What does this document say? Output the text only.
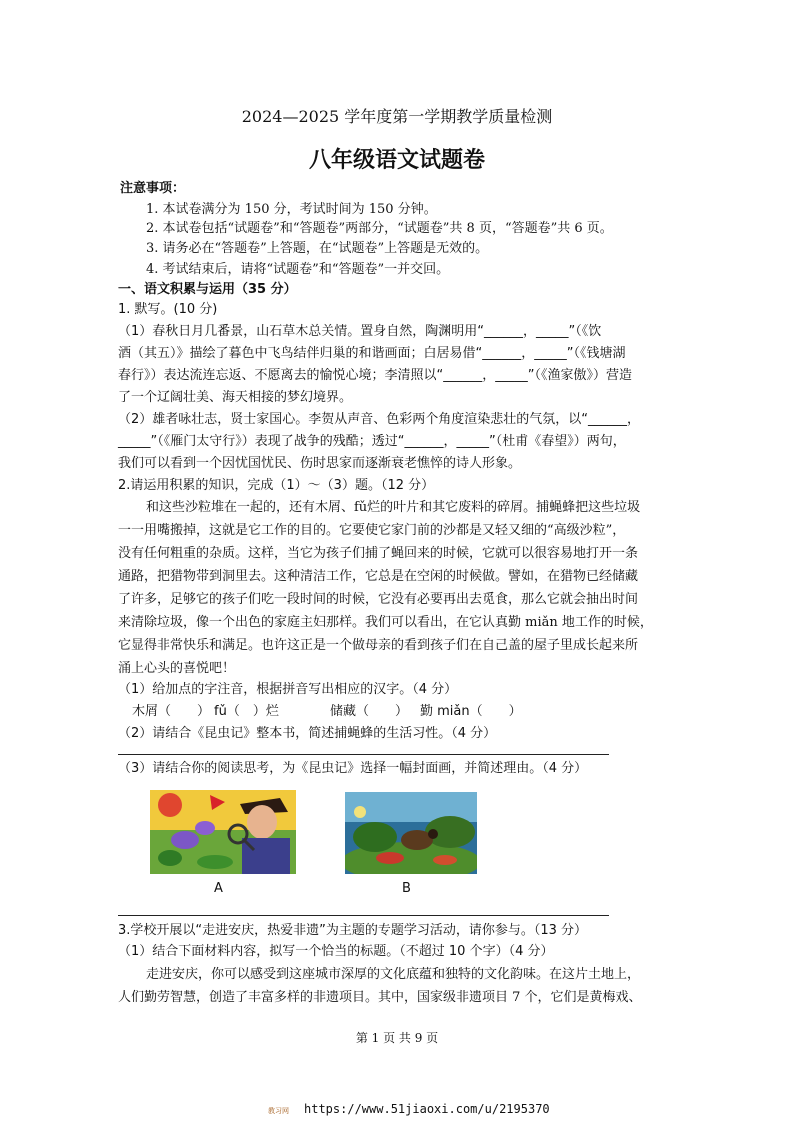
2024—2025 学年度第一学期教学质量检测
八年级语文试题卷
注意事项：
1. 本试卷满分为 150 分，考试时间为 150 分钟。
2. 本试卷包括“试题卷”和“答题卷”两部分，“试题卷”共 8 页，“答题卷”共 6 页。
3. 请务必在“答题卷”上答题，在“试题卷”上答题是无效的。
4. 考试结束后，请将“试题卷”和“答题卷”一并交回。
一、语文积累与运用（35 分）
1. 默写。(10 分)
（1）春秋日月几番景，山石草木总关情。置身自然，陶渊明用“______，_____”（《饮
酒（其五）》描绘了暮色中飞鸟结伴归巢的和谐画面；白居易借“______，_____”（《钱塘湖
春行》）表达流连忘返、不愿离去的愉悦心境；李清照以“______，_____”（《渔家傲》）营造
了一个辽阔壮美、海天相接的梦幻境界。
（2）雄者咏壮志，贤士家国心。李贺从声音、色彩两个角度渲染悲壮的气氛，以“______，
_____”（《雁门太守行》）表现了战争的残酷；透过“______，_____”（杜甫《春望》）两句，
我们可以看到一个因忧国忧民、伤时思家而逐渐衰老憔悴的诗人形象。
2.请运用积累的知识，完成（1）～（3）题。（12 分）
和这些沙粒堆在一起的，还有木屑、fǔ烂的叶片和其它废料的碎屑。捕蝇蜂把这些垃圾
一一用嘴搬掉，这就是它工作的目的。它要使它家门前的沙都是又轻又细的“高级沙粒”，
没有任何粗重的杂质。这样，当它为孩子们捕了蝇回来的时候，它就可以很容易地打开一条
通路，把猎物带到洞里去。这种清洁工作，它总是在空闲的时候做。譬如，在猎物已经储藏
了许多，足够它的孩子们吃一段时间的时候，它没有必要再出去觅食，那么它就会抽出时间
来清除垃圾，像一个出色的家庭主妇那样。我们可以看出，在它认真勤 miǎn 地工作的时候，
它显得非常快乐和满足。也许这正是一个做母亲的看到孩子们在自己盖的屋子里成长起来所
涌上心头的喜悦吧！
（1）给加点的字注音，根据拼音写出相应的汉字。（4 分）
木屑（　　） fǔ（　）烂	储藏（　　） 勤 miǎn（　　）
（2）请结合《昆虫记》整本书，简述捕蝇蜂的生活习性。（4 分）
（3）请结合你的阅读思考，为《昆虫记》选择一幅封面画，并简述理由。（4 分）
A	B
3.学校开展以“走进安庆，热爱非遗”为主题的专题学习活动，请你参与。（13 分）
（1）结合下面材料内容，拟写一个恰当的标题。（不超过 10 个字）（4 分）
走进安庆，你可以感受到这座城市深厚的文化底蕴和独特的文化韵味。在这片土地上，
人们勤劳智慧，创造了丰富多样的非遗项目。其中，国家级非遗项目 7 个，它们是黄梅戏、
第 1 页 共 9 页
教习网 https://www.51jiaoxi.com/u/2195370
